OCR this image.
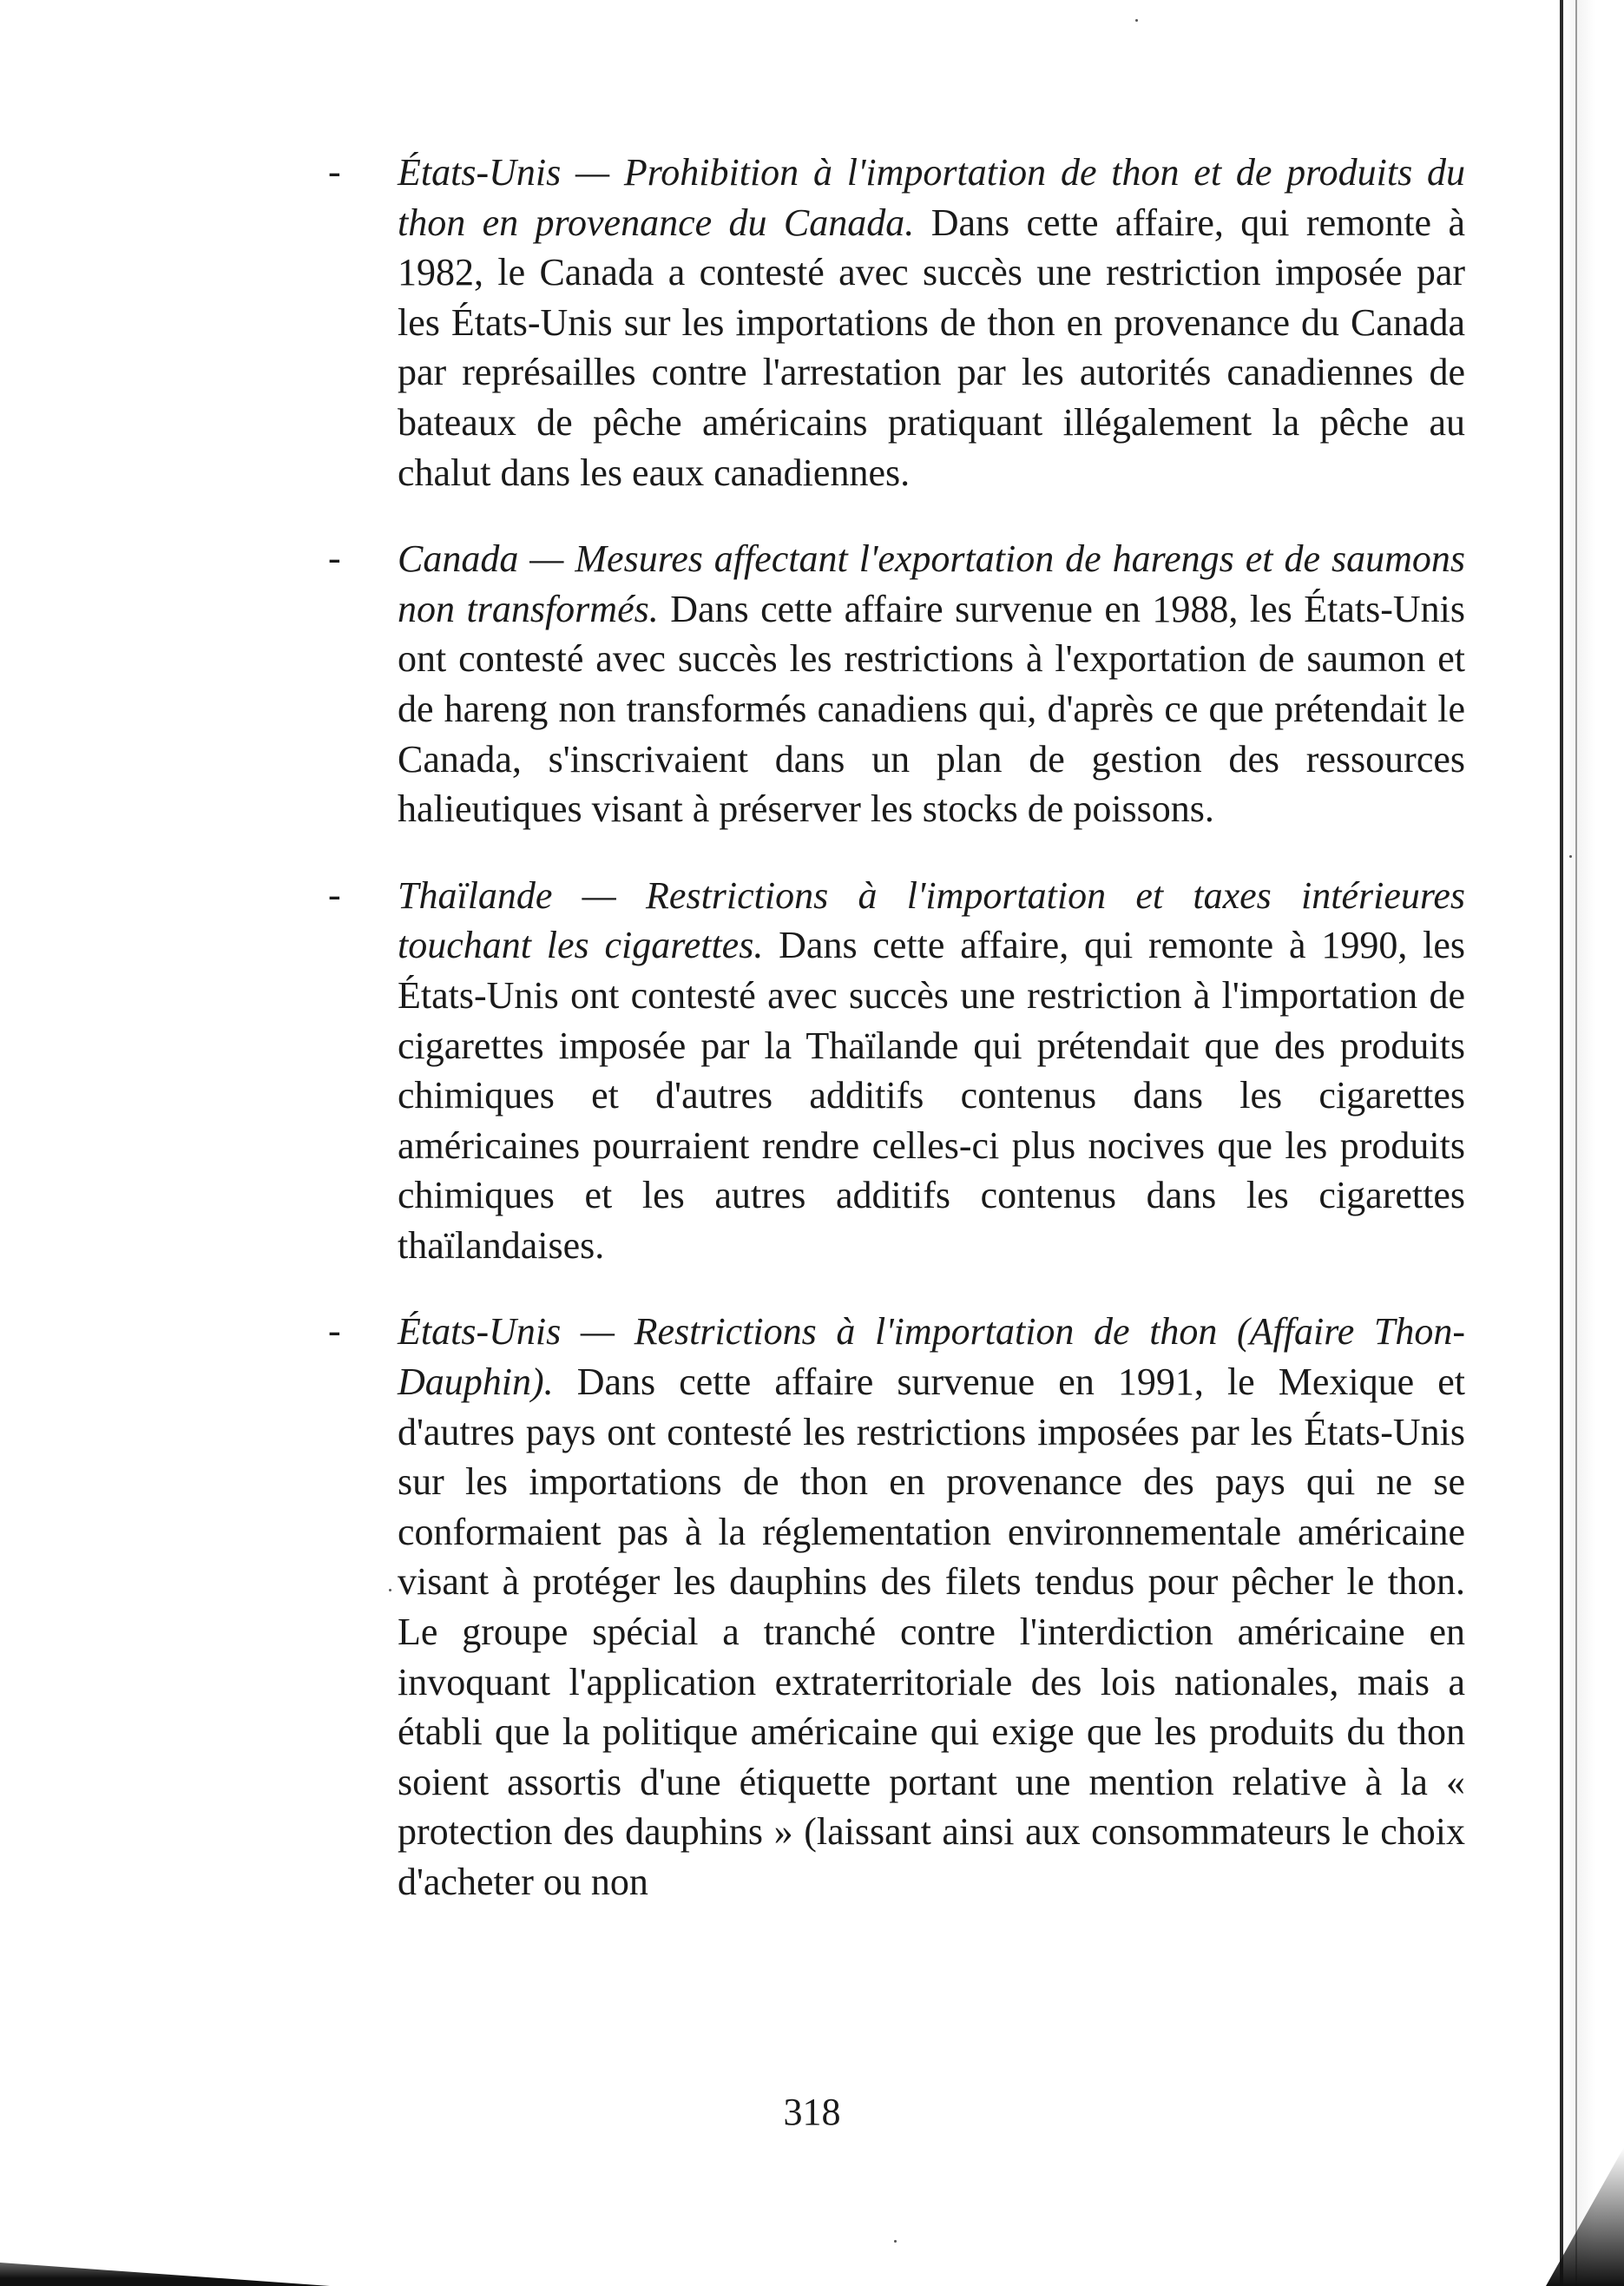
- États-Unis — Prohibition à l'importation de thon et de produits du thon en provenance du Canada. Dans cette affaire, qui remonte à 1982, le Canada a contesté avec succès une restriction imposée par les États-Unis sur les importations de thon en provenance du Canada par représailles contre l'arrestation par les autorités canadiennes de bateaux de pêche américains pratiquant illégalement la pêche au chalut dans les eaux canadiennes.

- Canada — Mesures affectant l'exportation de harengs et de saumons non transformés. Dans cette affaire survenue en 1988, les États-Unis ont contesté avec succès les restrictions à l'exportation de saumon et de hareng non transformés canadiens qui, d'après ce que prétendait le Canada, s'inscrivaient dans un plan de gestion des ressources halieutiques visant à préserver les stocks de poissons.

- Thaïlande — Restrictions à l'importation et taxes intérieures touchant les cigarettes. Dans cette affaire, qui remonte à 1990, les États-Unis ont contesté avec succès une restriction à l'importation de cigarettes imposée par la Thaïlande qui prétendait que des produits chimiques et d'autres additifs contenus dans les cigarettes américaines pourraient rendre celles-ci plus nocives que les produits chimiques et les autres additifs contenus dans les cigarettes thaïlandaises.

- États-Unis — Restrictions à l'importation de thon (Affaire Thon-Dauphin). Dans cette affaire survenue en 1991, le Mexique et d'autres pays ont contesté les restrictions imposées par les États-Unis sur les importations de thon en provenance des pays qui ne se conformaient pas à la réglementation environnementale américaine visant à protéger les dauphins des filets tendus pour pêcher le thon. Le groupe spécial a tranché contre l'interdiction américaine en invoquant l'application extraterritoriale des lois nationales, mais a établi que la politique américaine qui exige que les produits du thon soient assortis d'une étiquette portant une mention relative à la « protection des dauphins » (laissant ainsi aux consommateurs le choix d'acheter ou non

318
